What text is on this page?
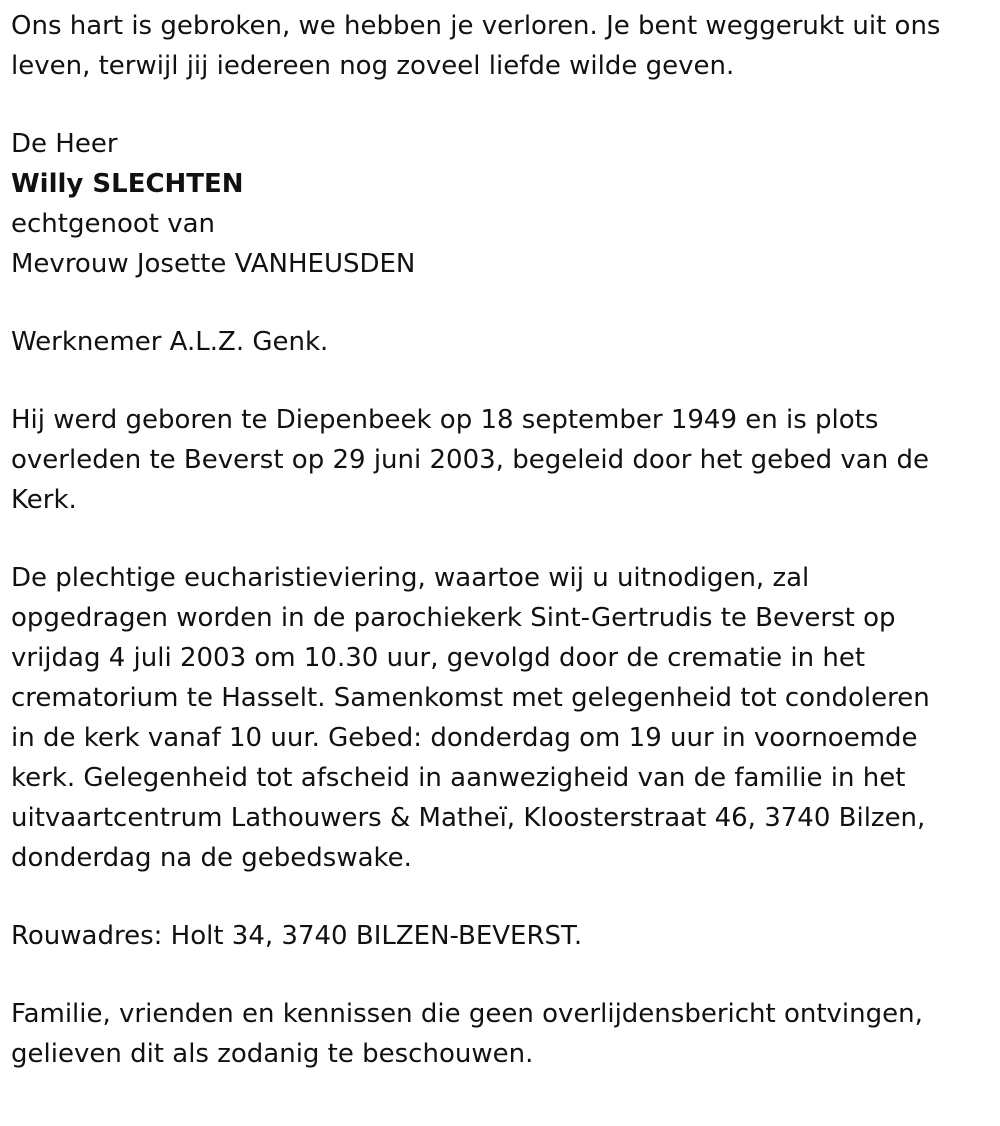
Ons hart is gebroken, we hebben je verloren. Je bent weggerukt uit ons
leven, terwijl jij iedereen nog zoveel liefde wilde geven.

De Heer
Willy SLECHTEN
echtgenoot van
Mevrouw Josette VANHEUSDEN

Werknemer A.L.Z. Genk.

Hij werd geboren te Diepenbeek op 18 september 1949 en is plots
overleden te Beverst op 29 juni 2003, begeleid door het gebed van de
Kerk.

De plechtige eucharistieviering, waartoe wij u uitnodigen, zal
opgedragen worden in de parochiekerk Sint-Gertrudis te Beverst op
vrijdag 4 juli 2003 om 10.30 uur, gevolgd door de crematie in het
crematorium te Hasselt. Samenkomst met gelegenheid tot condoleren
in de kerk vanaf 10 uur. Gebed: donderdag om 19 uur in voornoemde
kerk. Gelegenheid tot afscheid in aanwezigheid van de familie in het
uitvaartcentrum Lathouwers & Matheï, Kloosterstraat 46, 3740 Bilzen,
donderdag na de gebedswake.

Rouwadres: Holt 34, 3740 BILZEN-BEVERST.

Familie, vrienden en kennissen die geen overlijdensbericht ontvingen,
gelieven dit als zodanig te beschouwen.
